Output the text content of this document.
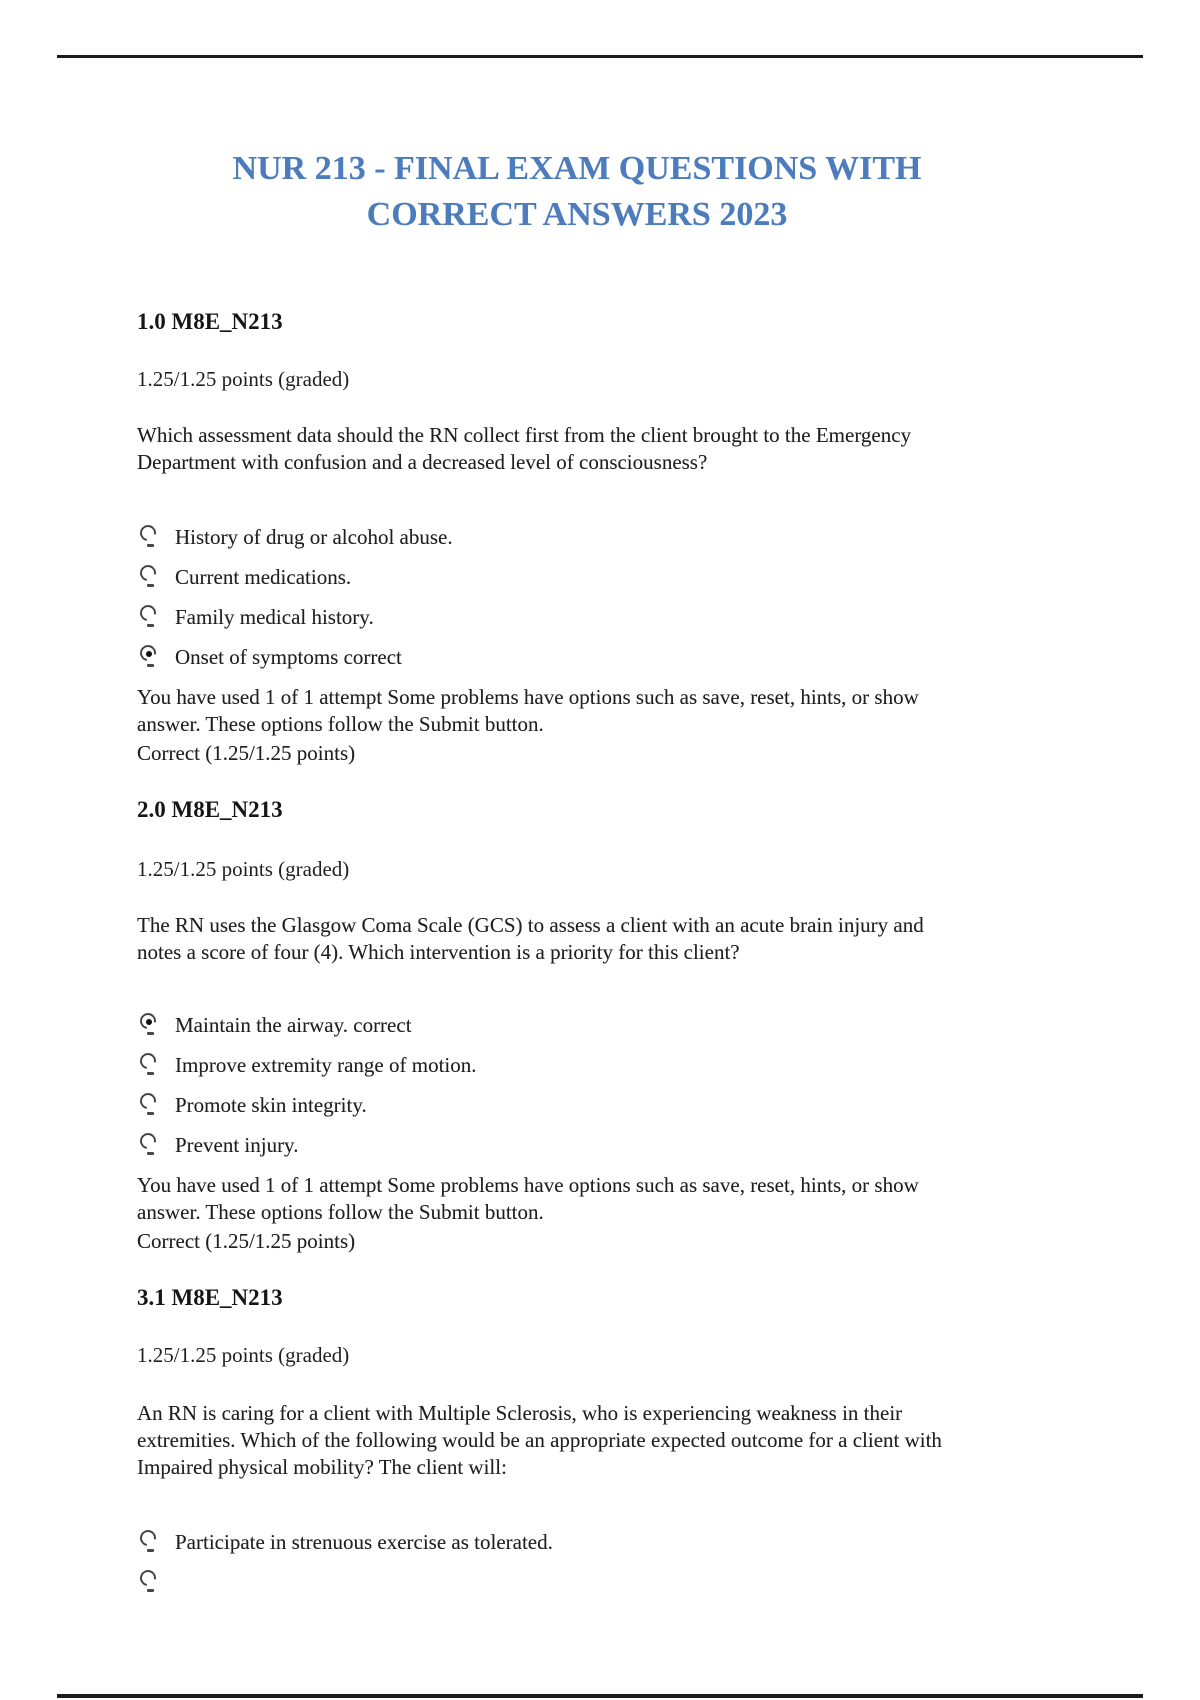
NUR 213 - FINAL EXAM QUESTIONS WITH
CORRECT ANSWERS 2023
1.0 M8E_N213
1.25/1.25 points (graded)
Which assessment data should the RN collect first from the client brought to the Emergency
Department with confusion and a decreased level of consciousness?
History of drug or alcohol abuse.
Current medications.
Family medical history.
Onset of symptoms correct
You have used 1 of 1 attempt Some problems have options such as save, reset, hints, or show
answer. These options follow the Submit button.
Correct (1.25/1.25 points)
2.0 M8E_N213
1.25/1.25 points (graded)
The RN uses the Glasgow Coma Scale (GCS) to assess a client with an acute brain injury and
notes a score of four (4). Which intervention is a priority for this client?
Maintain the airway. correct
Improve extremity range of motion.
Promote skin integrity.
Prevent injury.
You have used 1 of 1 attempt Some problems have options such as save, reset, hints, or show
answer. These options follow the Submit button.
Correct (1.25/1.25 points)
3.1 M8E_N213
1.25/1.25 points (graded)
An RN is caring for a client with Multiple Sclerosis, who is experiencing weakness in their
extremities. Which of the following would be an appropriate expected outcome for a client with
Impaired physical mobility? The client will:
Participate in strenuous exercise as tolerated.
